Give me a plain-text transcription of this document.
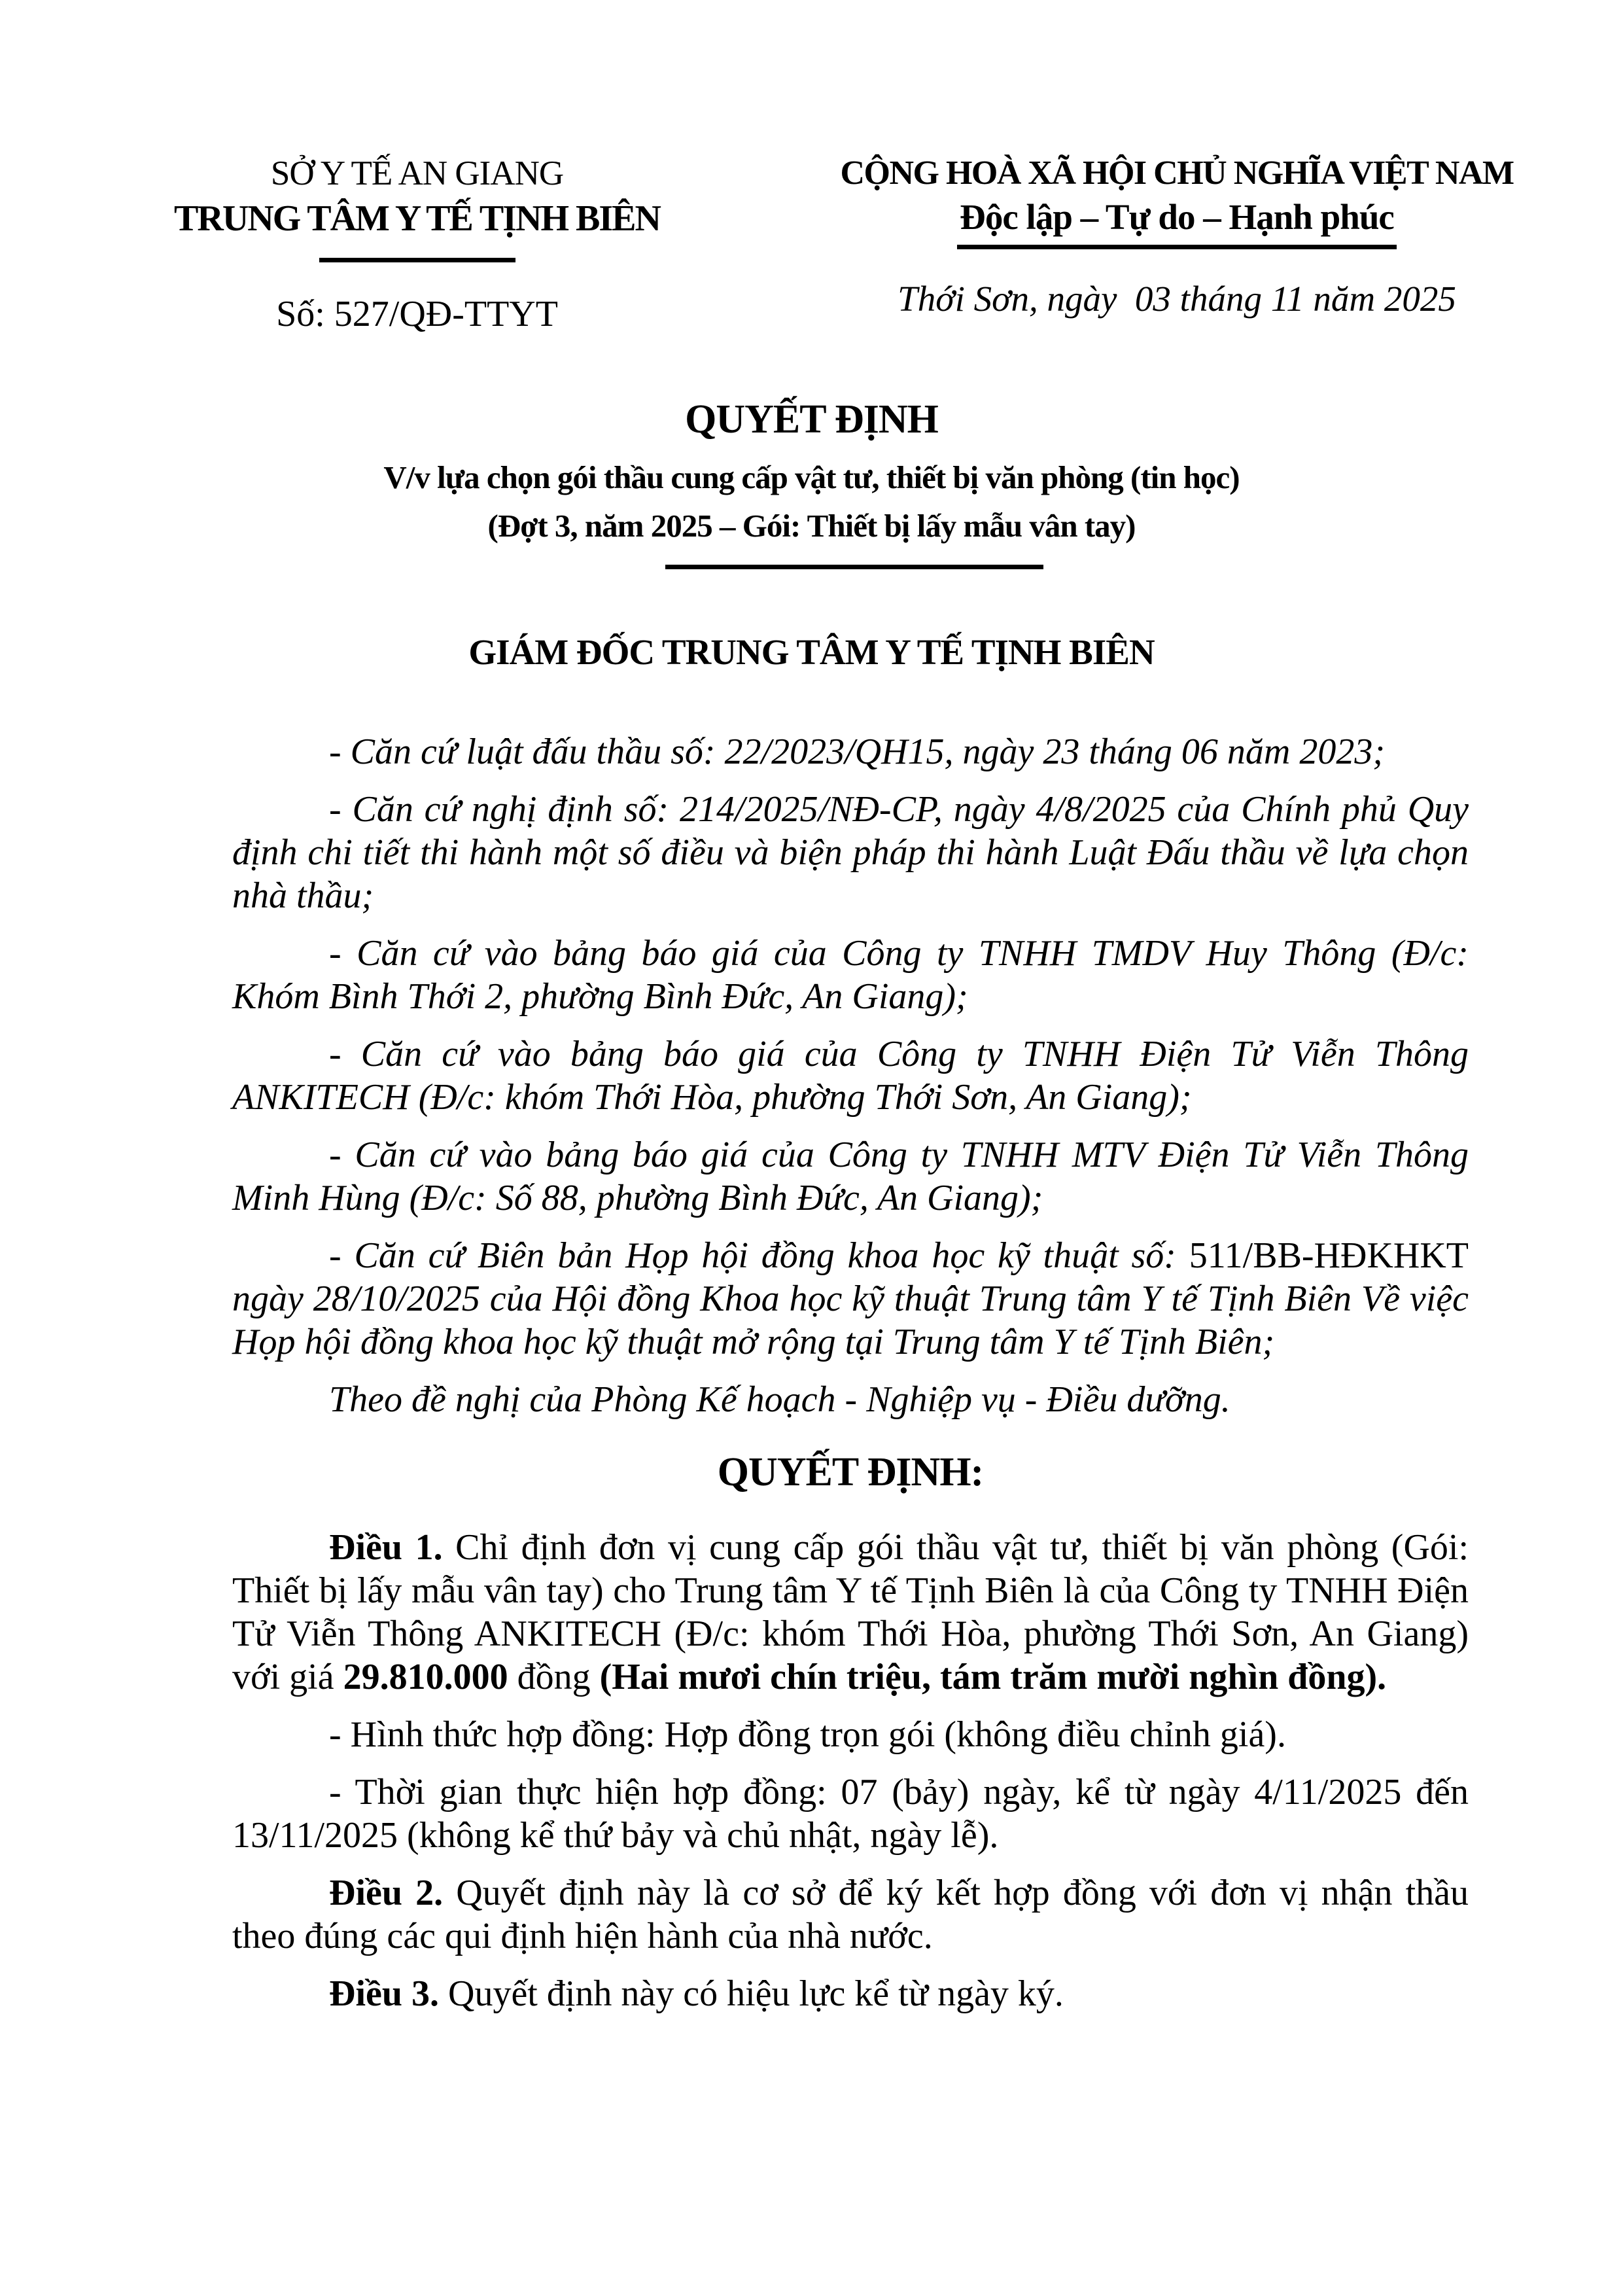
SỞ Y TẾ AN GIANG
TRUNG TÂM Y TẾ TỊNH BIÊN
Số: 527/QĐ-TTYT
CỘNG HOÀ XÃ HỘI CHỦ NGHĨA VIỆT NAM
Độc lập – Tự do – Hạnh phúc
Thới Sơn, ngày  03 tháng 11 năm 2025
QUYẾT ĐỊNH
V/v lựa chọn gói thầu cung cấp vật tư, thiết bị văn phòng (tin học)
(Đợt 3, năm 2025 – Gói: Thiết bị lấy mẫu vân tay)
GIÁM ĐỐC TRUNG TÂM Y TẾ TỊNH BIÊN

- Căn cứ luật đấu thầu số: 22/2023/QH15, ngày 23 tháng 06 năm 2023;

- Căn cứ nghị định số: 214/2025/NĐ-CP, ngày 4/8/2025 của Chính phủ Quy định chi tiết thi hành một số điều và biện pháp thi hành Luật Đấu thầu về lựa chọn nhà thầu;

- Căn cứ vào bảng báo giá của Công ty TNHH TMDV Huy Thông (Đ/c: Khóm Bình Thới 2, phường Bình Đức, An Giang);

- Căn cứ vào bảng báo giá của Công ty TNHH Điện Tử Viễn Thông ANKITECH (Đ/c: khóm Thới Hòa, phường Thới Sơn, An Giang);

- Căn cứ vào bảng báo giá của Công ty TNHH MTV Điện Tử Viễn Thông Minh Hùng (Đ/c: Số 88, phường Bình Đức, An Giang);

- Căn cứ Biên bản Họp hội đồng khoa học kỹ thuật số: 511/BB-HĐKHKT ngày 28/10/2025 của Hội đồng Khoa học kỹ thuật Trung tâm Y tế Tịnh Biên Về việc Họp hội đồng khoa học kỹ thuật mở rộng tại Trung tâm Y tế Tịnh Biên;

Theo đề nghị của Phòng Kế hoạch - Nghiệp vụ - Điều dưỡng.

QUYẾT ĐỊNH:

Điều 1. Chỉ định đơn vị cung cấp gói thầu vật tư, thiết bị văn phòng (Gói: Thiết bị lấy mẫu vân tay) cho Trung tâm Y tế Tịnh Biên là của Công ty TNHH Điện Tử Viễn Thông ANKITECH (Đ/c: khóm Thới Hòa, phường Thới Sơn, An Giang) với giá 29.810.000 đồng (Hai mươi chín triệu, tám trăm mười nghìn đồng).

- Hình thức hợp đồng: Hợp đồng trọn gói (không điều chỉnh giá).

- Thời gian thực hiện hợp đồng: 07 (bảy) ngày, kể từ ngày 4/11/2025 đến 13/11/2025 (không kể thứ bảy và chủ nhật, ngày lễ).

Điều 2. Quyết định này là cơ sở để ký kết hợp đồng với đơn vị nhận thầu theo đúng các qui định hiện hành của nhà nước.

Điều 3. Quyết định này có hiệu lực kể từ ngày ký.
